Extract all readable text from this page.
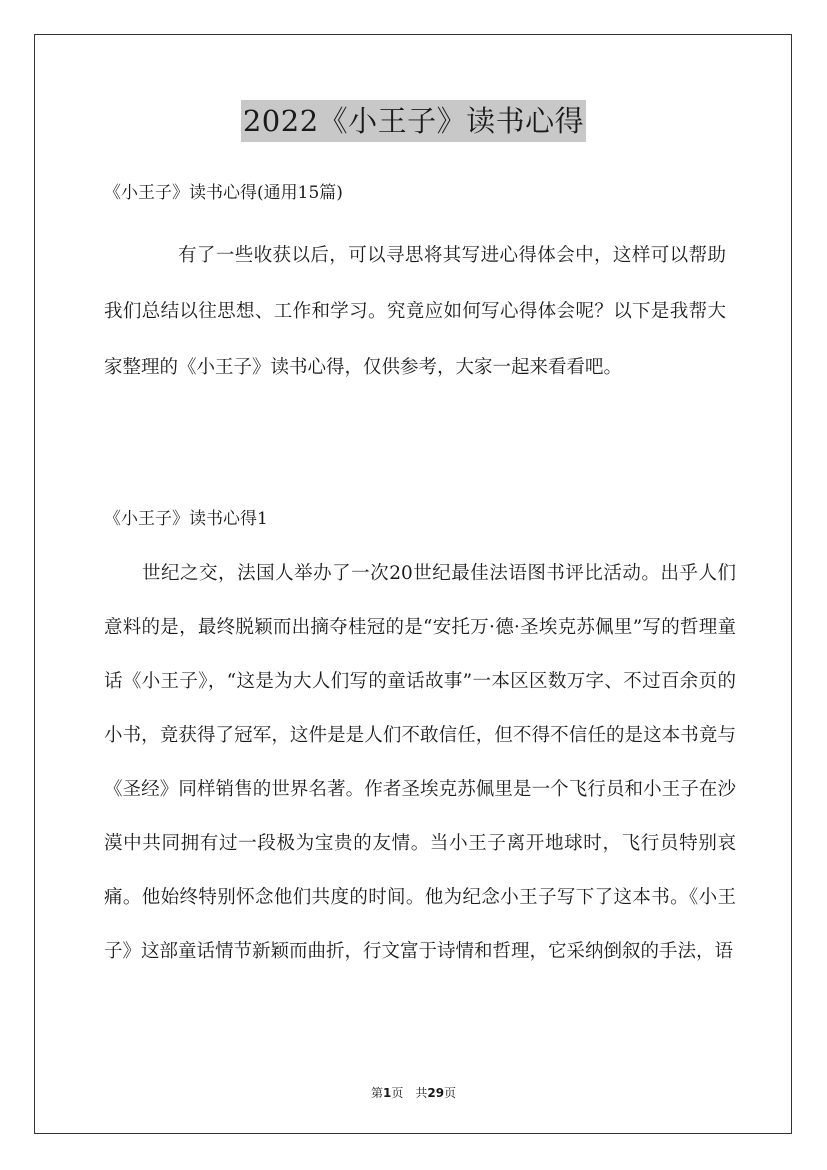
2022《小王子》读书心得
《小王子》读书心得(通用15篇)

有了一些收获以后，可以寻思将其写进心得体会中，这样可以帮助我们总结以往思想、工作和学习。究竟应如何写心得体会呢？以下是我帮大家整理的《小王子》读书心得，仅供参考，大家一起来看看吧。

《小王子》读书心得1

世纪之交，法国人举办了一次20世纪最佳法语图书评比活动。出乎人们意料的是，最终脱颖而出摘夺桂冠的是“安托万·德·圣埃克苏佩里”写的哲理童话《小王子》，“这是为大人们写的童话故事”一本区区数万字、不过百余页的小书，竟获得了冠军，这件是是人们不敢信任，但不得不信任的是这本书竟与《圣经》同样销售的世界名著。作者圣埃克苏佩里是一个飞行员和小王子在沙漠中共同拥有过一段极为宝贵的友情。当小王子离开地球时，飞行员特别哀痛。他始终特别怀念他们共度的时间。他为纪念小王子写下了这本书。《小王子》这部童话情节新颖而曲折，行文富于诗情和哲理，它采纳倒叙的手法，语

第1页 共29页
